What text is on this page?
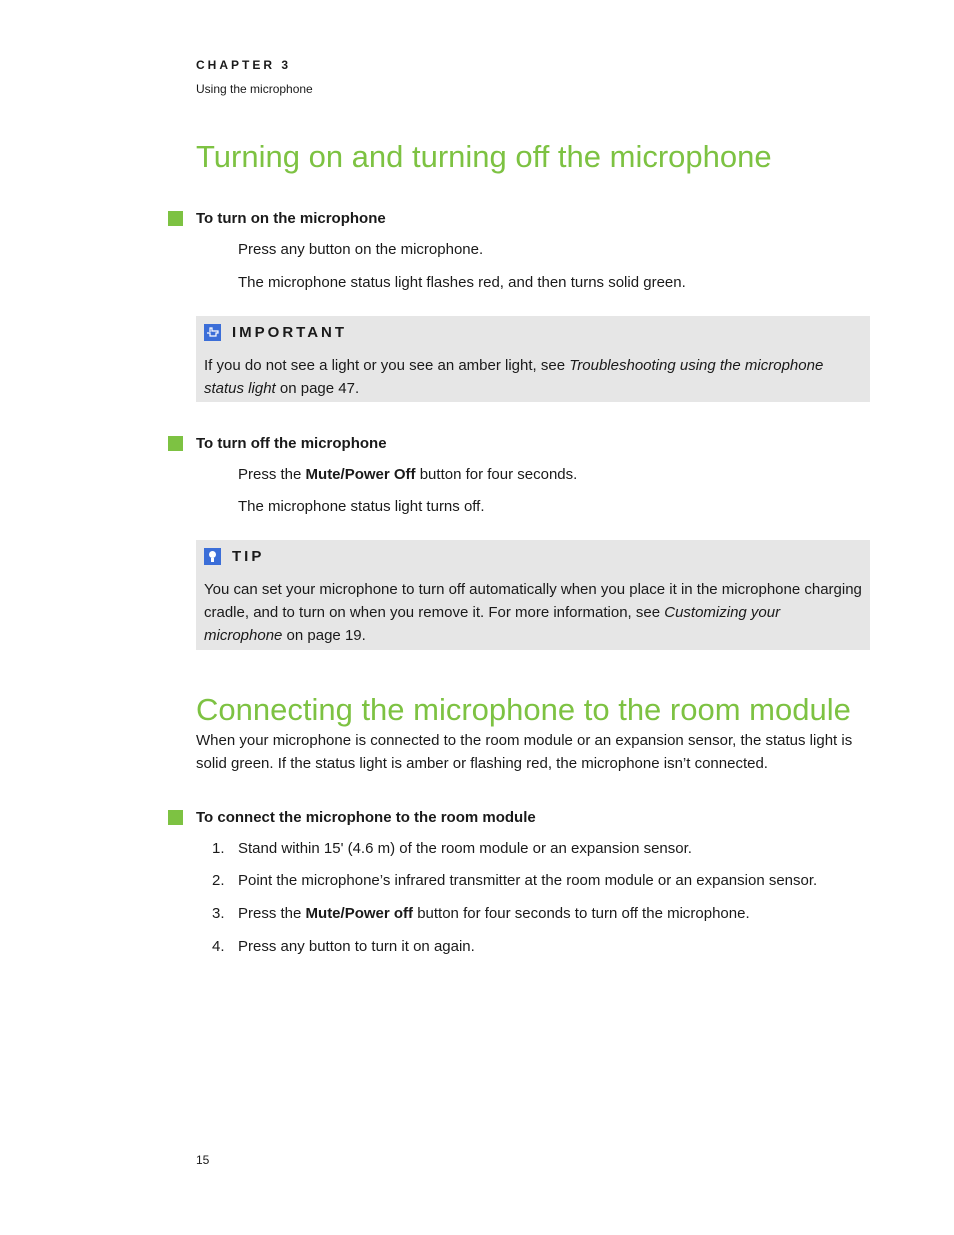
CHAPTER 3
Using the microphone
Turning on and turning off the microphone
To turn on the microphone
Press any button on the microphone.
The microphone status light flashes red, and then turns solid green.
IMPORTANT
If you do not see a light or you see an amber light, see Troubleshooting using the microphone status light on page 47.
To turn off the microphone
Press the Mute/Power Off button for four seconds.
The microphone status light turns off.
TIP
You can set your microphone to turn off automatically when you place it in the microphone charging cradle, and to turn on when you remove it. For more information, see Customizing your microphone on page 19.
Connecting the microphone to the room module
When your microphone is connected to the room module or an expansion sensor, the status light is solid green. If the status light is amber or flashing red, the microphone isn’t connected.
To connect the microphone to the room module
1. Stand within 15' (4.6 m) of the room module or an expansion sensor.
2. Point the microphone’s infrared transmitter at the room module or an expansion sensor.
3. Press the Mute/Power off button for four seconds to turn off the microphone.
4. Press any button to turn it on again.
15
